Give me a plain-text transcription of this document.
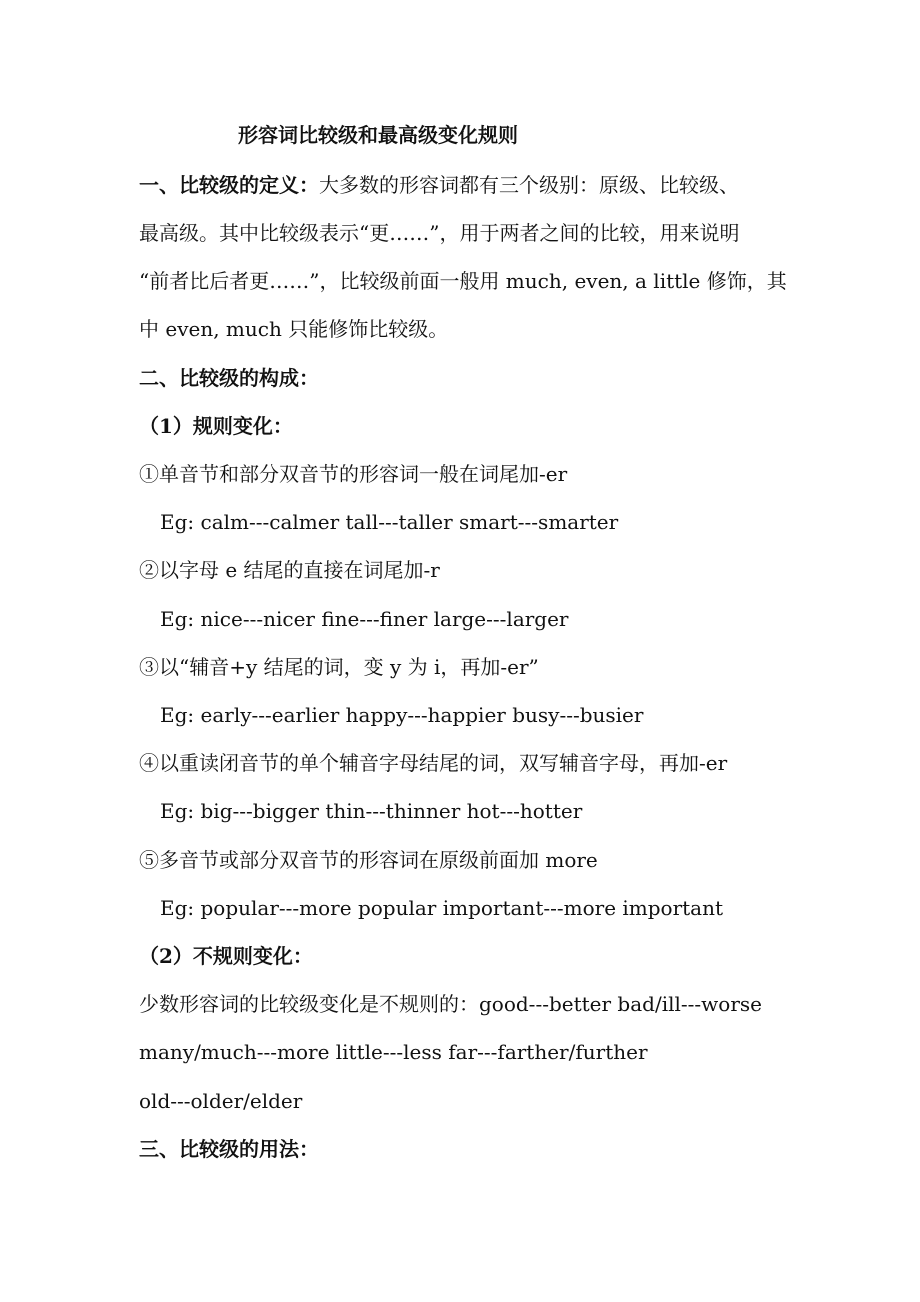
形容词比较级和最高级变化规则
一、比较级的定义：大多数的形容词都有三个级别：原级、比较级、
最高级。其中比较级表示“更……”，用于两者之间的比较，用来说明
“前者比后者更……”，比较级前面一般用 much, even, a little 修饰，其
中 even, much 只能修饰比较级。
二、比较级的构成：
（1）规则变化：
①单音节和部分双音节的形容词一般在词尾加-er
Eg: calm---calmer tall---taller smart---smarter
②以字母 e 结尾的直接在词尾加-r
Eg: nice---nicer fine---finer large---larger
③以“辅音+y 结尾的词，变 y 为 i，再加-er”
Eg: early---earlier happy---happier busy---busier
④以重读闭音节的单个辅音字母结尾的词，双写辅音字母，再加-er
Eg: big---bigger thin---thinner hot---hotter
⑤多音节或部分双音节的形容词在原级前面加 more
Eg: popular---more popular important---more important
（2）不规则变化：
少数形容词的比较级变化是不规则的：good---better bad/ill---worse
many/much---more little---less far---farther/further
old---older/elder
三、比较级的用法：
